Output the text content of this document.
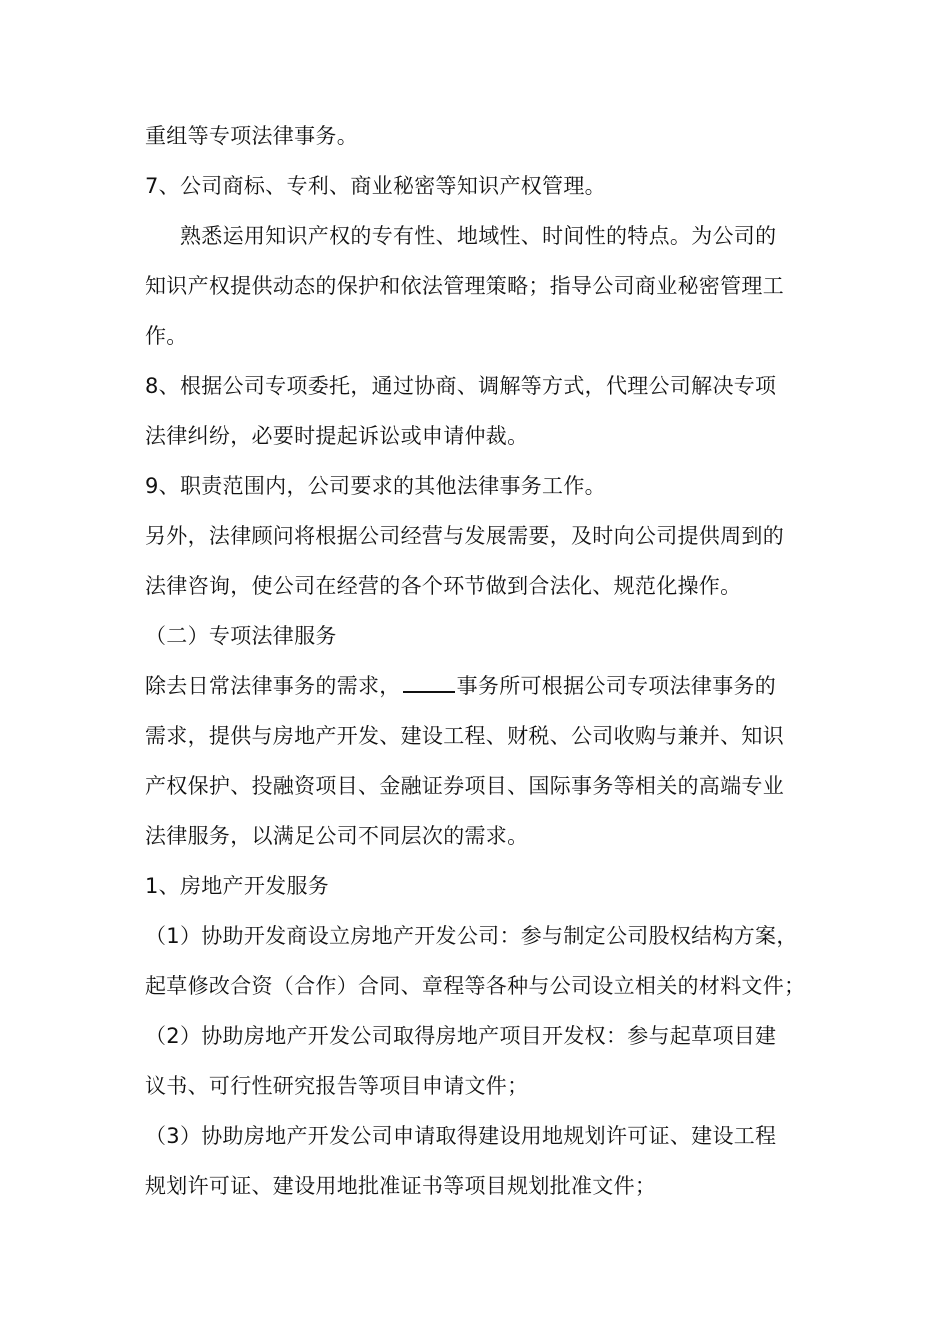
重组等专项法律事务。
7、公司商标、专利、商业秘密等知识产权管理。
熟悉运用知识产权的专有性、地域性、时间性的特点。为公司的
知识产权提供动态的保护和依法管理策略；指导公司商业秘密管理工
作。
8、根据公司专项委托，通过协商、调解等方式，代理公司解决专项
法律纠纷，必要时提起诉讼或申请仲裁。
9、职责范围内，公司要求的其他法律事务工作。
另外，法律顾问将根据公司经营与发展需要，及时向公司提供周到的
法律咨询，使公司在经营的各个环节做到合法化、规范化操作。
（二）专项法律服务
除去日常法律事务的需求，	事务所可根据公司专项法律事务的
需求，提供与房地产开发、建设工程、财税、公司收购与兼并、知识
产权保护、投融资项目、金融证券项目、国际事务等相关的高端专业
法律服务，以满足公司不同层次的需求。
1、房地产开发服务
（1）协助开发商设立房地产开发公司：参与制定公司股权结构方案，
起草修改合资（合作）合同、章程等各种与公司设立相关的材料文件；
（2）协助房地产开发公司取得房地产项目开发权：参与起草项目建
议书、可行性研究报告等项目申请文件；
（3）协助房地产开发公司申请取得建设用地规划许可证、建设工程
规划许可证、建设用地批准证书等项目规划批准文件；
